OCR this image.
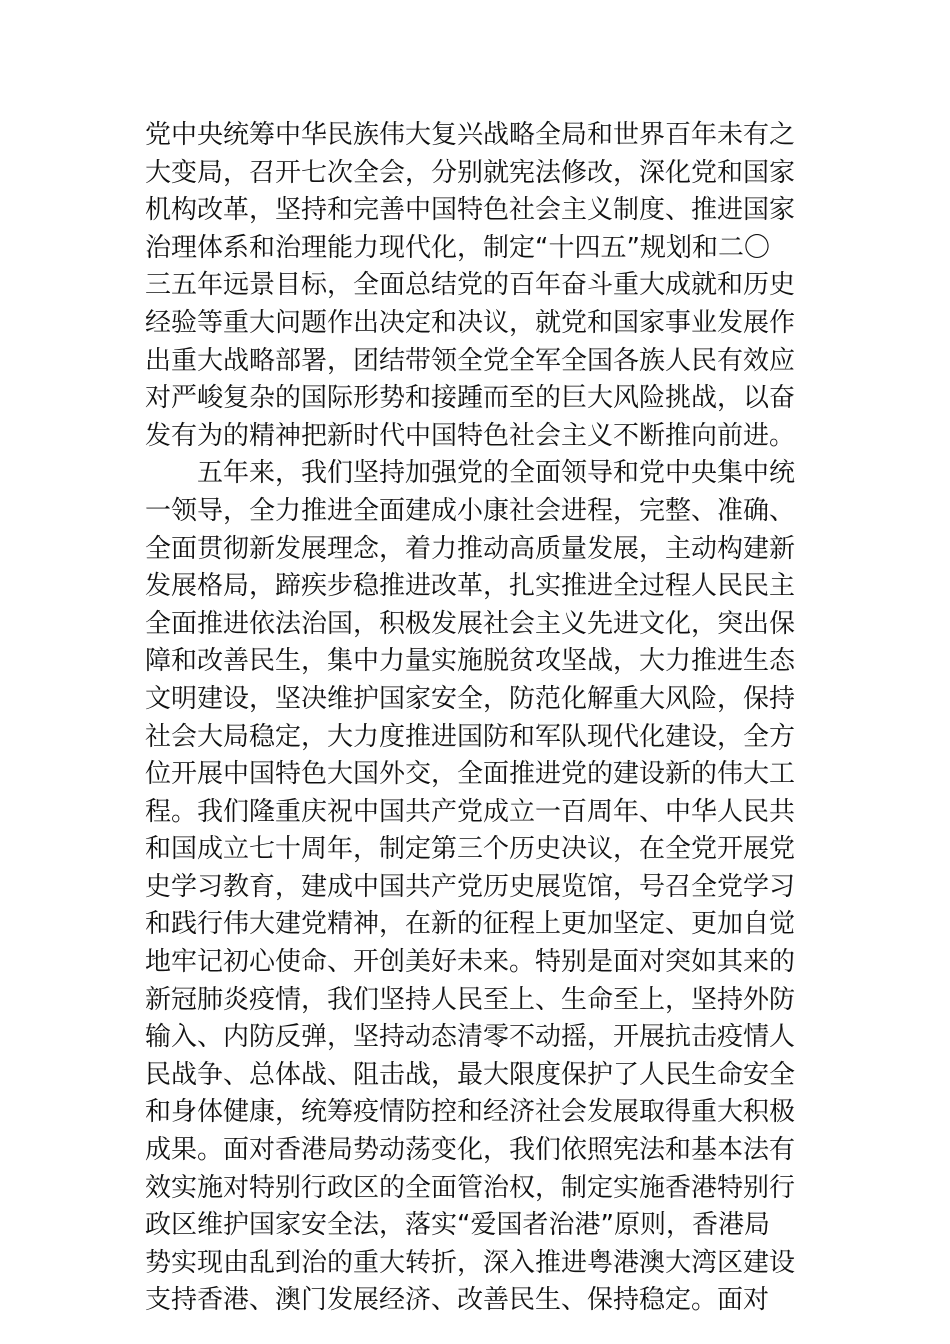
党中央统筹中华民族伟大复兴战略全局和世界百年未有之
大变局，召开七次全会，分别就宪法修改，深化党和国家
机构改革，坚持和完善中国特色社会主义制度、推进国家
治理体系和治理能力现代化，制定“十四五”规划和二〇
三五年远景目标，全面总结党的百年奋斗重大成就和历史
经验等重大问题作出决定和决议，就党和国家事业发展作
出重大战略部署，团结带领全党全军全国各族人民有效应
对严峻复杂的国际形势和接踵而至的巨大风险挑战，以奋
发有为的精神把新时代中国特色社会主义不断推向前进。
五年来，我们坚持加强党的全面领导和党中央集中统
一领导，全力推进全面建成小康社会进程，完整、准确、
全面贯彻新发展理念，着力推动高质量发展，主动构建新
发展格局，蹄疾步稳推进改革，扎实推进全过程人民民主
全面推进依法治国，积极发展社会主义先进文化，突出保
障和改善民生，集中力量实施脱贫攻坚战，大力推进生态
文明建设，坚决维护国家安全，防范化解重大风险，保持
社会大局稳定，大力度推进国防和军队现代化建设，全方
位开展中国特色大国外交，全面推进党的建设新的伟大工
程。我们隆重庆祝中国共产党成立一百周年、中华人民共
和国成立七十周年，制定第三个历史决议，在全党开展党
史学习教育，建成中国共产党历史展览馆，号召全党学习
和践行伟大建党精神，在新的征程上更加坚定、更加自觉
地牢记初心使命、开创美好未来。特别是面对突如其来的
新冠肺炎疫情，我们坚持人民至上、生命至上，坚持外防
输入、内防反弹，坚持动态清零不动摇，开展抗击疫情人
民战争、总体战、阻击战，最大限度保护了人民生命安全
和身体健康，统筹疫情防控和经济社会发展取得重大积极
成果。面对香港局势动荡变化，我们依照宪法和基本法有
效实施对特别行政区的全面管治权，制定实施香港特别行
政区维护国家安全法，落实“爱国者治港”原则，香港局
势实现由乱到治的重大转折，深入推进粤港澳大湾区建设
支持香港、澳门发展经济、改善民生、保持稳定。面对
